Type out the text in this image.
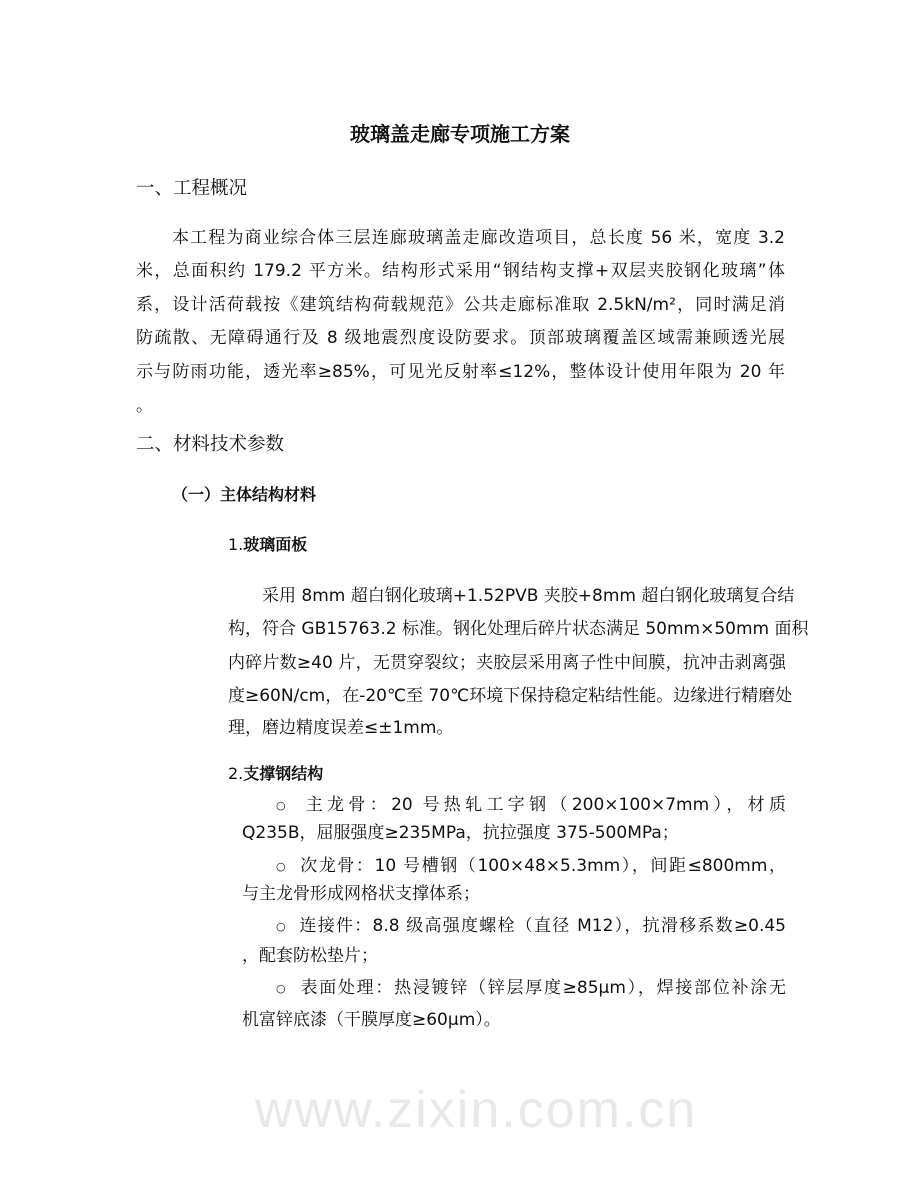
www.zixin.com.cn
玻璃盖走廊专项施工方案
一、工程概况
本工程为商业综合体三层连廊玻璃盖走廊改造项目，总长度 56 米，宽度 3.2
米，总面积约 179.2 平方米。结构形式采用“钢结构支撑+双层夹胶钢化玻璃”体
系，设计活荷载按《建筑结构荷载规范》公共走廊标准取 2.5kN/m²，同时满足消
防疏散、无障碍通行及 8 级地震烈度设防要求。顶部玻璃覆盖区域需兼顾透光展
示与防雨功能，透光率≥85%，可见光反射率≤12%，整体设计使用年限为 20 年
。
二、材料技术参数
（一）主体结构材料
1.玻璃面板
采用 8mm 超白钢化玻璃+1.52PVB 夹胶+8mm 超白钢化玻璃复合结
构，符合 GB15763.2 标准。钢化处理后碎片状态满足 50mm×50mm 面积
内碎片数≥40 片，无贯穿裂纹；夹胶层采用离子性中间膜，抗冲击剥离强
度≥60N/cm，在-20℃至 70℃环境下保持稳定粘结性能。边缘进行精磨处
理，磨边精度误差≤±1mm。
2.支撑钢结构
○ 主龙骨：20 号热轧工字钢（200×100×7mm），材质
Q235B，屈服强度≥235MPa，抗拉强度 375-500MPa；
○ 次龙骨：10 号槽钢（100×48×5.3mm），间距≤800mm，
与主龙骨形成网格状支撑体系；
○ 连接件：8.8 级高强度螺栓（直径 M12），抗滑移系数≥0.45
，配套防松垫片；
○ 表面处理：热浸镀锌（锌层厚度≥85μm），焊接部位补涂无
机富锌底漆（干膜厚度≥60μm）。
